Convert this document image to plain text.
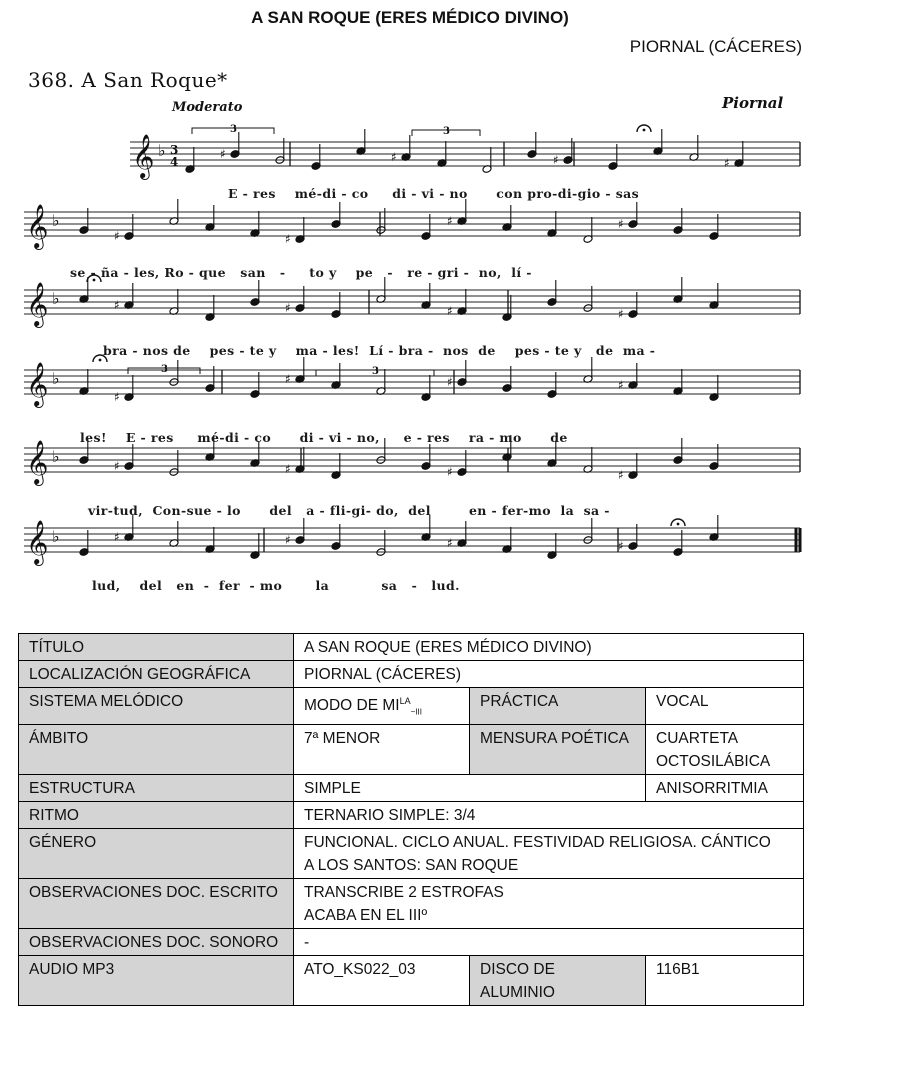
A SAN ROQUE (ERES MÉDICO DIVINO)
PIORNAL (CÁCERES)
368. A San Roque*
Moderato	Piornal
𝄞 ♭	♯	♯	♯	♯
𝄞 ♭
♯	♯
♯	♯
𝄞 ♭	♯	♯	♯	♯
𝄞 ♭
♯
♯	♯	♯
𝄞 ♭	♯	♯	♯	♯
𝄞 ♭	♯	♯	♯	♯
3
4
3	3
3	3
E - res    mé-di - co     di - vi - no      con pro-di-gio - sas
se - ña - les, Ro - que   san   -     to y    pe   -   re - gri -  no,  lí -
bra - nos de    pes - te y    ma - les!  Lí - bra -  nos  de    pes - te y   de  ma -
les!    E - res     mé-di - co      di - vi - no,     e - res    ra - mo      de
vir-tud,  Con-sue - lo      del   a - fli-gi- do,  del        en - fer-mo  la  sa -
lud,    del   en  -  fer  - mo       la           sa   -   lud.
TÍTULO	A SAN ROQUE (ERES MÉDICO DIVINO)		
LOCALIZACIÓN GEOGRÁFICA	PIORNAL (CÁCERES)		
SISTEMA MELÓDICO	MODO DE $MI^{LA}_{\sim III}$	PRÁCTICA	VOCAL
ÁMBITO	7ª MENOR	MENSURA POÉTICA	CUARTETA
OCTOSILÁBICA

ESTRUCTURA	SIMPLE		ANISORRITMIA
RITMO	TERNARIO SIMPLE: 3/4		
GÉNERO	FUNCIONAL. CICLO ANUAL. FESTIVIDAD RELIGIOSA. CÁNTICO
A LOS SANTOS: SAN ROQUE		

OBSERVACIONES DOC. ESCRITO	TRANSCRIBE 2 ESTROFAS
ACABA EN EL IIIº		

OBSERVACIONES DOC. SONORO	-		
AUDIO MP3	ATO_KS022_03	DISCO DE
ALUMINIO	116B1
